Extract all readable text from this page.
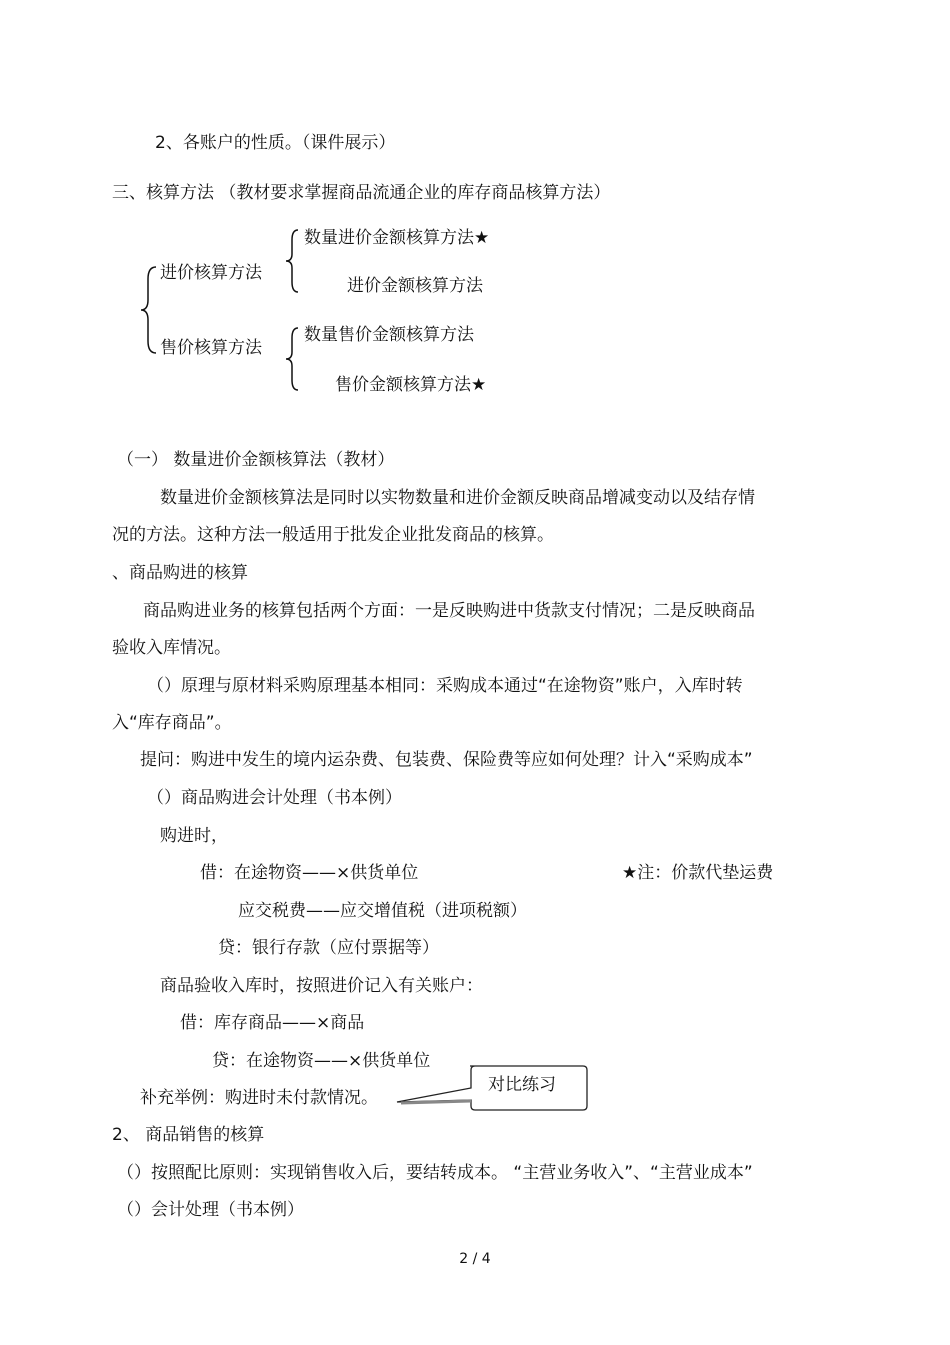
2、各账户的性质。（课件展示）
三、核算方法 （教材要求掌握商品流通企业的库存商品核算方法）
进价核算方法
售价核算方法
数量进价金额核算方法★
进价金额核算方法
数量售价金额核算方法
售价金额核算方法★
（一） 数量进价金额核算法（教材）
数量进价金额核算法是同时以实物数量和进价金额反映商品增减变动以及结存情
况的方法。这种方法一般适用于批发企业批发商品的核算。
、商品购进的核算
商品购进业务的核算包括两个方面：一是反映购进中货款支付情况；二是反映商品
验收入库情况。
（）原理与原材料采购原理基本相同：采购成本通过“在途物资”账户，入库时转
入“库存商品”。
提问：购进中发生的境内运杂费、包装费、保险费等应如何处理？计入“采购成本”
（）商品购进会计处理（书本例）
购进时，
借：在途物资——×供货单位	★注：价款代垫运费
应交税费——应交增值税（进项税额）
贷：银行存款（应付票据等）
商品验收入库时，按照进价记入有关账户：
借：库存商品——×商品
贷：在途物资——×供货单位
补充举例：购进时未付款情况。
对比练习
2、 商品销售的核算
（）按照配比原则：实现销售收入后，要结转成本。 “主营业务收入”、“主营业成本”
（）会计处理（书本例）
2 / 4
